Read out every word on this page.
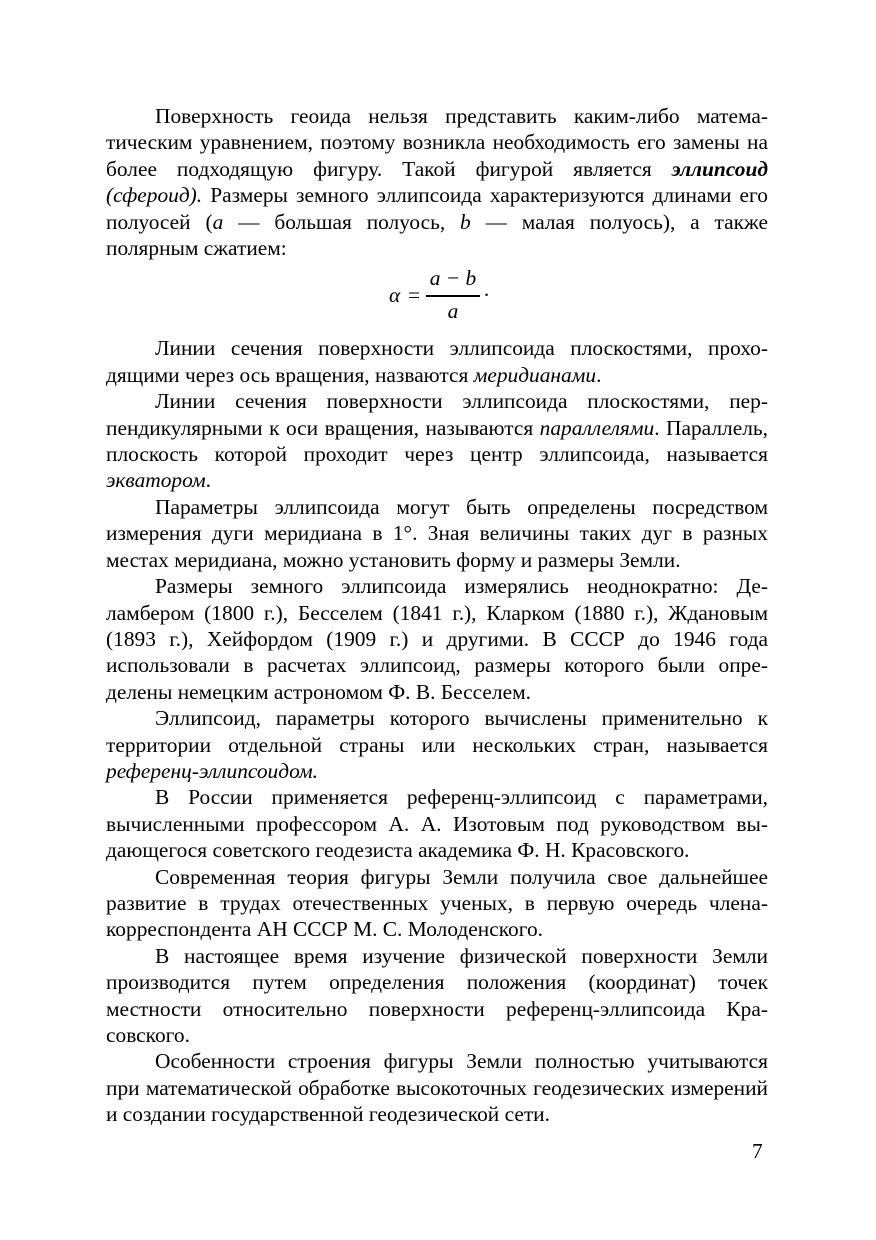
Поверхность геоида нельзя представить каким-либо математическим уравнением, поэтому возникла необходимость его замены на более подходящую фигуру. Такой фигурой является эллипсоид (сфероид). Размеры земного эллипсоида характеризуются длинами его полуосей (a — большая полуось, b — малая полуось), а также полярным сжатием:

α =
a − b
a
·

Линии сечения поверхности эллипсоида плоскостями, проходящими через ось вращения, назваются меридианами.

Линии сечения поверхности эллипсоида плоскостями, перпендикулярными к оси вращения, называются параллелями. Параллель, плоскость которой проходит через центр эллипсоида, называется экватором.

Параметры эллипсоида могут быть определены посредством измерения дуги меридиана в 1°. Зная величины таких дуг в разных местах меридиана, можно установить форму и размеры Земли.

Размеры земного эллипсоида измерялись неоднократно: Деламбером (1800 г.), Бесселем (1841 г.), Кларком (1880 г.), Ждановым (1893 г.), Хейфордом (1909 г.) и другими. В СССР до 1946 года использовали в расчетах эллипсоид, размеры которого были определены немецким астрономом Ф. В. Бесселем.

Эллипсоид, параметры которого вычислены применительно к территории отдельной страны или нескольких стран, называется референц-эллипсоидом.

В России применяется референц-эллипсоид с параметрами, вычисленными профессором А. А. Изотовым под руководством выдающегося советского геодезиста академика Ф. Н. Красовского.

Современная теория фигуры Земли получила свое дальнейшее развитие в трудах отечественных ученых, в первую очередь члена-корреспондента АН СССР М. С. Молоденского.

В настоящее время изучение физической поверхности Земли производится путем определения положения (координат) точек местности относительно поверхности референц-эллипсоида Красовского.

Особенности строения фигуры Земли полностью учитываются при математической обработке высокоточных геодезических измерений и создании государственной геодезической сети.

7
